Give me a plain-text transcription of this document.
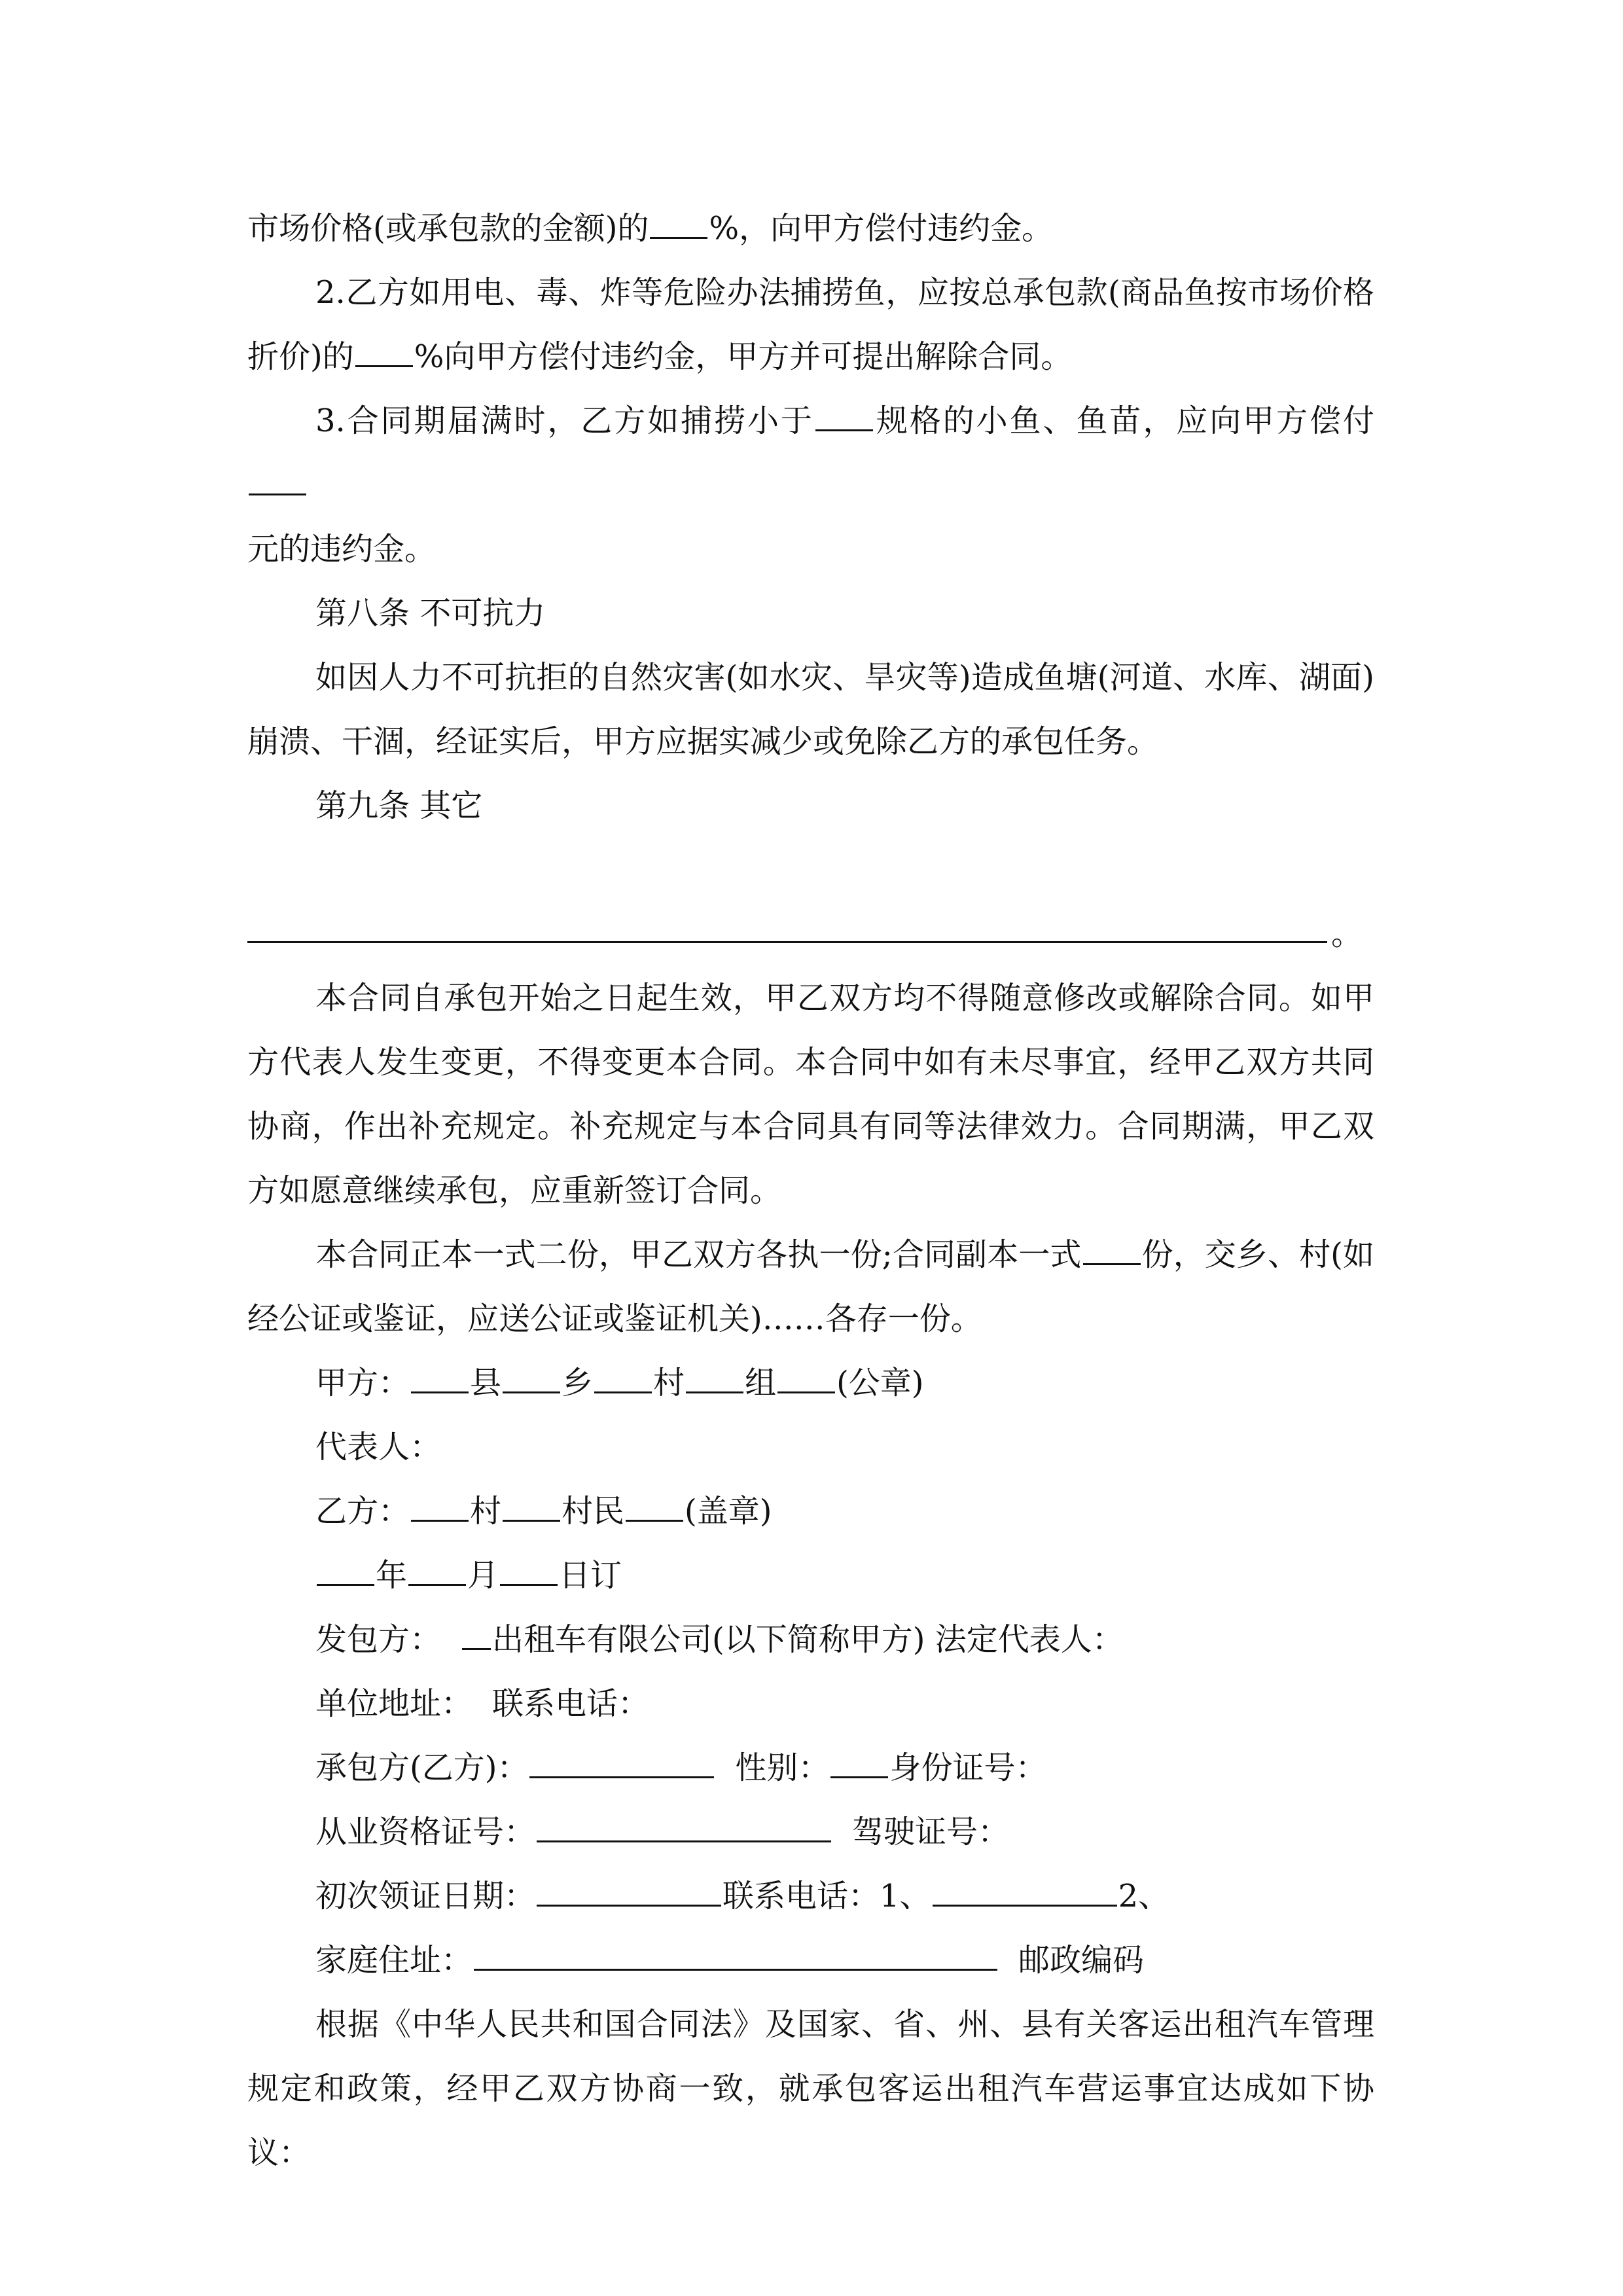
市场价格(或承包款的金额)的 %，向甲方偿付违约金。

2.乙方如用电、毒、炸等危险办法捕捞鱼，应按总承包款(商品鱼按市场价格折价)的 %向甲方偿付违约金，甲方并可提出解除合同。

3.合同期届满时，乙方如捕捞小于 规格的小鱼、鱼苗，应向甲方偿付
元的违约金。

第八条 不可抗力

如因人力不可抗拒的自然灾害(如水灾、旱灾等)造成鱼塘(河道、水库、湖面)崩溃、干涸，经证实后，甲方应据实减少或免除乙方的承包任务。

第九条 其它

。

本合同自承包开始之日起生效，甲乙双方均不得随意修改或解除合同。如甲方代表人发生变更，不得变更本合同。本合同中如有未尽事宜，经甲乙双方共同协商，作出补充规定。补充规定与本合同具有同等法律效力。合同期满，甲乙双方如愿意继续承包，应重新签订合同。

本合同正本一式二份，甲乙双方各执一份;合同副本一式 份，交乡、村(如经公证或鉴证，应送公证或鉴证机关)……各存一份。

甲方： 县 乡 村 组 (公章)

代表人：

乙方： 村 村民 (盖章)

年 月 日订

发包方： 出租车有限公司(以下简称甲方) 法定代表人：

单位地址： 联系电话：

承包方(乙方)：	性别： 身份证号：

从业资格证号：	驾驶证号：

初次领证日期：	联系电话：1、	2、

家庭住址：	邮政编码

根据《中华人民共和国合同法》及国家、省、州、县有关客运出租汽车管理规定和政策，经甲乙双方协商一致，就承包客运出租汽车营运事宜达成如下协议：
